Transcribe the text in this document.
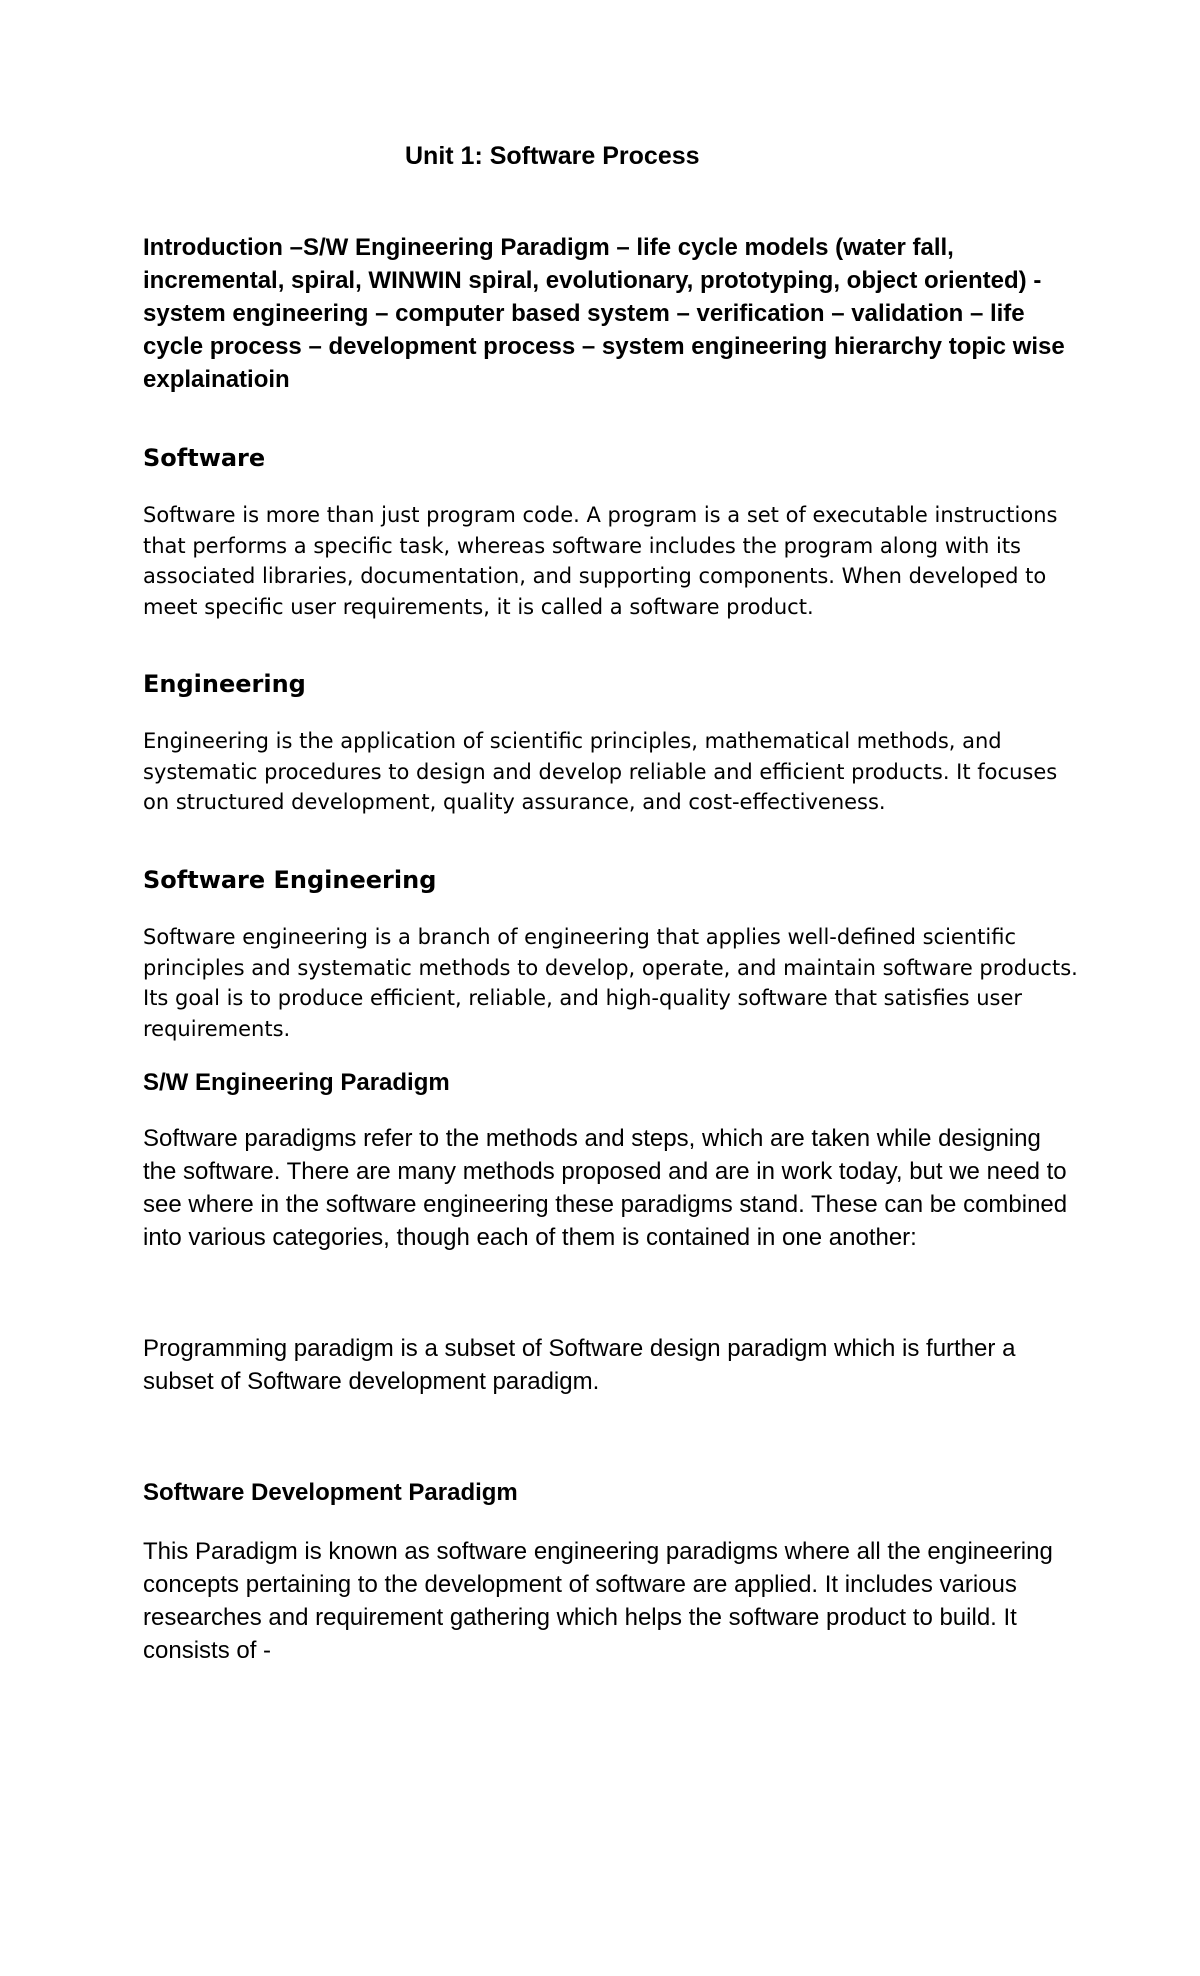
Unit 1: Software Process
Introduction –S/W Engineering Paradigm – life cycle models (water fall, incremental, spiral, WINWIN spiral, evolutionary, prototyping, object oriented) - system engineering – computer based system – verification – validation – life cycle process – development process – system engineering hierarchy topic wise explainatioin
Software
Software is more than just program code. A program is a set of executable instructions that performs a specific task, whereas software includes the program along with its associated libraries, documentation, and supporting components. When developed to meet specific user requirements, it is called a software product.
Engineering
Engineering is the application of scientific principles, mathematical methods, and systematic procedures to design and develop reliable and efficient products. It focuses on structured development, quality assurance, and cost-effectiveness.
Software Engineering
Software engineering is a branch of engineering that applies well-defined scientific principles and systematic methods to develop, operate, and maintain software products. Its goal is to produce efficient, reliable, and high-quality software that satisfies user requirements.
S/W Engineering Paradigm
Software paradigms refer to the methods and steps, which are taken while designing the software. There are many methods proposed and are in work today, but we need to see where in the software engineering these paradigms stand. These can be combined into various categories, though each of them is contained in one another:
Programming paradigm is a subset of Software design paradigm which is further a subset of Software development paradigm.
Software Development Paradigm
This Paradigm is known as software engineering paradigms where all the engineering concepts pertaining to the development of software are applied. It includes various researches and requirement gathering which helps the software product to build. It consists of -
